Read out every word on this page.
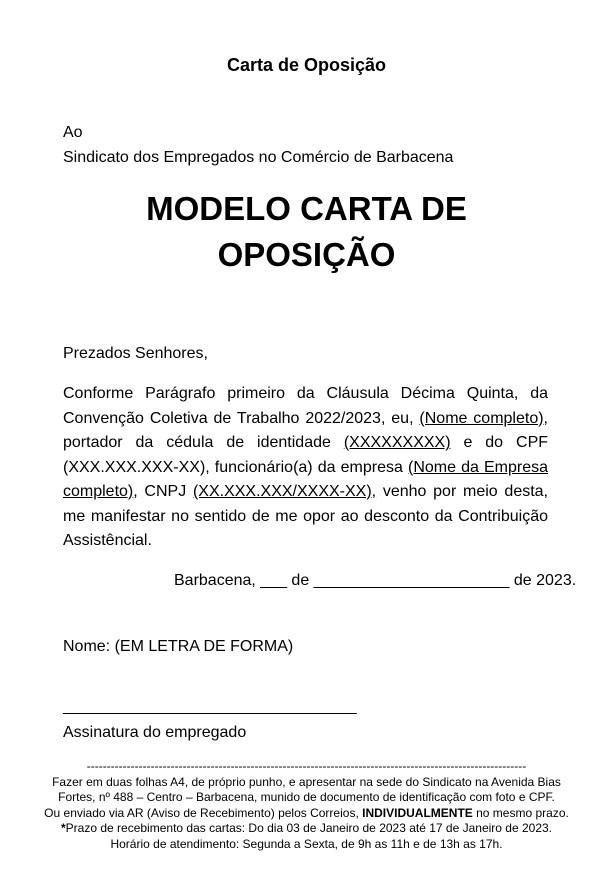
Carta de Oposição
Ao
Sindicato dos Empregados no Comércio de Barbacena
MODELO CARTA DE
OPOSIÇÃO
Prezados Senhores,
Conforme Parágrafo primeiro da Cláusula Décima Quinta, da Convenção Coletiva de Trabalho 2022/2023, eu, (Nome completo), portador da cédula de identidade (XXXXXXXXX) e do CPF (XXX.XXX.XXX-XX), funcionário(a) da empresa (Nome da Empresa completo), CNPJ (XX.XXX.XXX/XXXX-XX), venho por meio desta, me manifestar no sentido de me opor ao desconto da Contribuição Assistêncial.
Barbacena, ___ de ______________________ de 2023.
Nome: (EM LETRA DE FORMA)
_________________________________
Assinatura do empregado
--------------------------------------------------------------------------------------------------------------
Fazer em duas folhas A4, de próprio punho, e apresentar na sede do Sindicato na Avenida Bias
Fortes, nº 488 – Centro – Barbacena, munido de documento de identificação com foto e CPF.
Ou enviado via AR (Aviso de Recebimento) pelos Correios, INDIVIDUALMENTE no mesmo prazo.
*Prazo de recebimento das cartas: Do dia 03 de Janeiro de 2023 até 17 de Janeiro de 2023.
Horário de atendimento: Segunda a Sexta, de 9h as 11h e de 13h as 17h.
